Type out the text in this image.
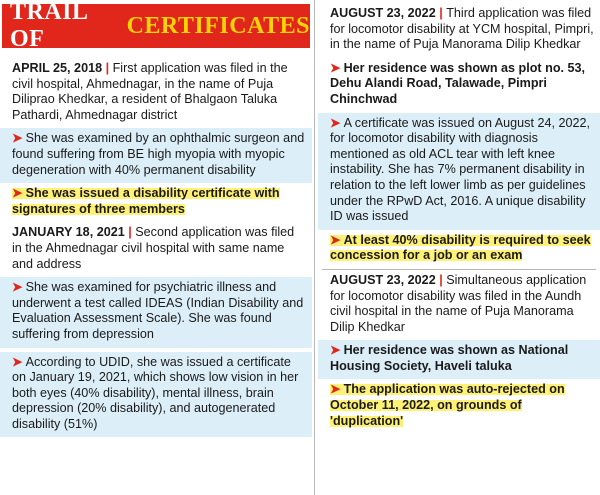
TRAIL OF
CERTIFICATES
APRIL 25, 2018 | First application was filed in the civil hospital, Ahmednagar, in the name of Puja Diliprao Khedkar, a resident of Bhalgaon Taluka Pathardi, Ahmednagar district
➤ She was examined by an ophthalmic surgeon and found suffering from BE high myopia with myopic degeneration with 40% permanent disability
➤ She was issued a disability certificate with signatures of three members
JANUARY 18, 2021 | Second application was filed in the Ahmednagar civil hospital with same name and address
➤ She was examined for psychiatric illness and underwent a test called IDEAS (Indian Disability and Evaluation Assessment Scale). She was found suffering from depression
➤ According to UDID, she was issued a certificate on January 19, 2021, which shows low vision in her both eyes (40% disability), mental illness, brain depression (20% disability), and autogenerated disability (51%)
AUGUST 23, 2022 | Third application was filed for locomotor disability at YCM hospital, Pimpri, in the name of Puja Manorama Dilip Khedkar
➤ Her residence was shown as plot no. 53, Dehu Alandi Road, Talawade, Pimpri Chinchwad
➤ A certificate was issued on August 24, 2022, for locomotor disability with diagnosis mentioned as old ACL tear with left knee instability. She has 7% permanent disability in relation to the left lower limb as per guidelines under the RPwD Act, 2016. A unique disability ID was issued
➤ At least 40% disability is required to seek concession for a job or an exam
AUGUST 23, 2022 | Simultaneous application for locomotor disability was filed in the Aundh civil hospital in the name of Puja Manorama Dilip Khedkar
➤ Her residence was shown as National Housing Society, Haveli taluka
➤ The application was auto-rejected on October 11, 2022, on grounds of 'duplication'
